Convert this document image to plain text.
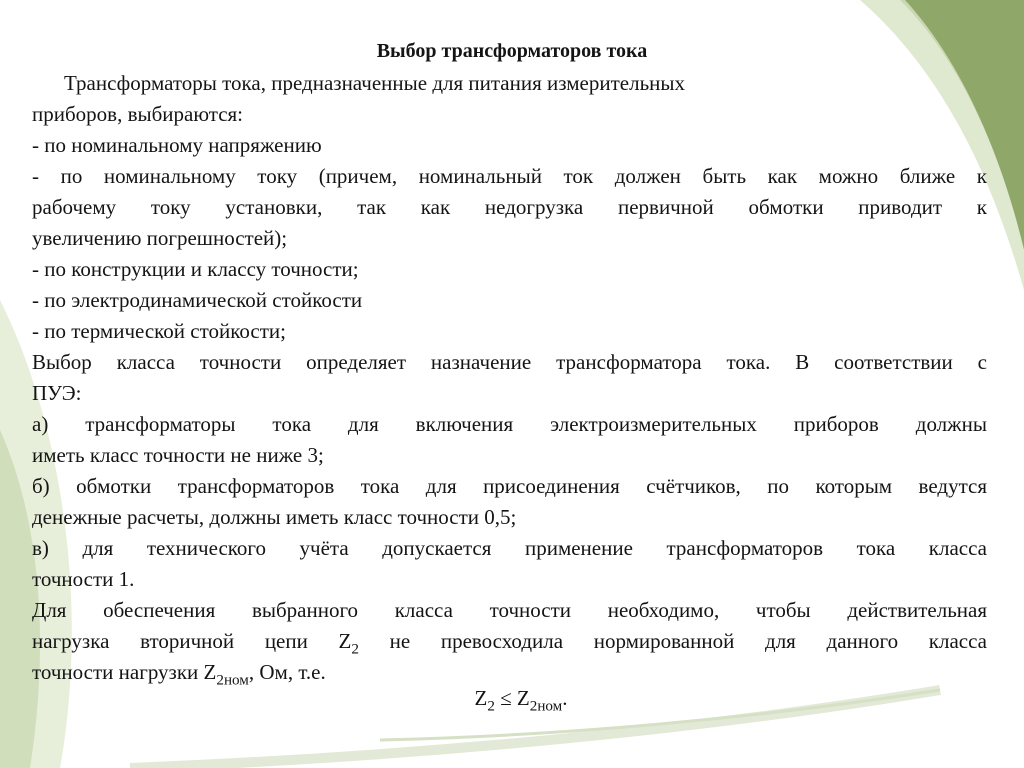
Выбор трансформаторов тока
Трансформаторы тока, предназначенные для питания измерительных
приборов, выбираются:
- по номинальному напряжению
- по номинальному току (причем, номинальный ток должен быть как можно ближе к
рабочему току установки, так как недогрузка первичной обмотки приводит к
увеличению погрешностей);
- по конструкции и классу точности;
- по электродинамической стойкости
- по термической стойкости;
Выбор класса точности определяет назначение трансформатора тока. В соответствии с
ПУЭ:
а) трансформаторы тока для включения электроизмерительных приборов должны
иметь класс точности не ниже 3;
б) обмотки трансформаторов тока для присоединения счётчиков, по которым ведутся
денежные расчеты, должны иметь класс точности 0,5;
в) для технического учёта допускается применение трансформаторов тока класса
точности 1.
Для обеспечения выбранного класса точности необходимо, чтобы действительная
нагрузка вторичной цепи $Z_2$ не превосходила нормированной для данного класса
точности нагрузки $Z_{2ном}$, Ом, т.е.
$Z_2 \le Z_{2ном}$.
